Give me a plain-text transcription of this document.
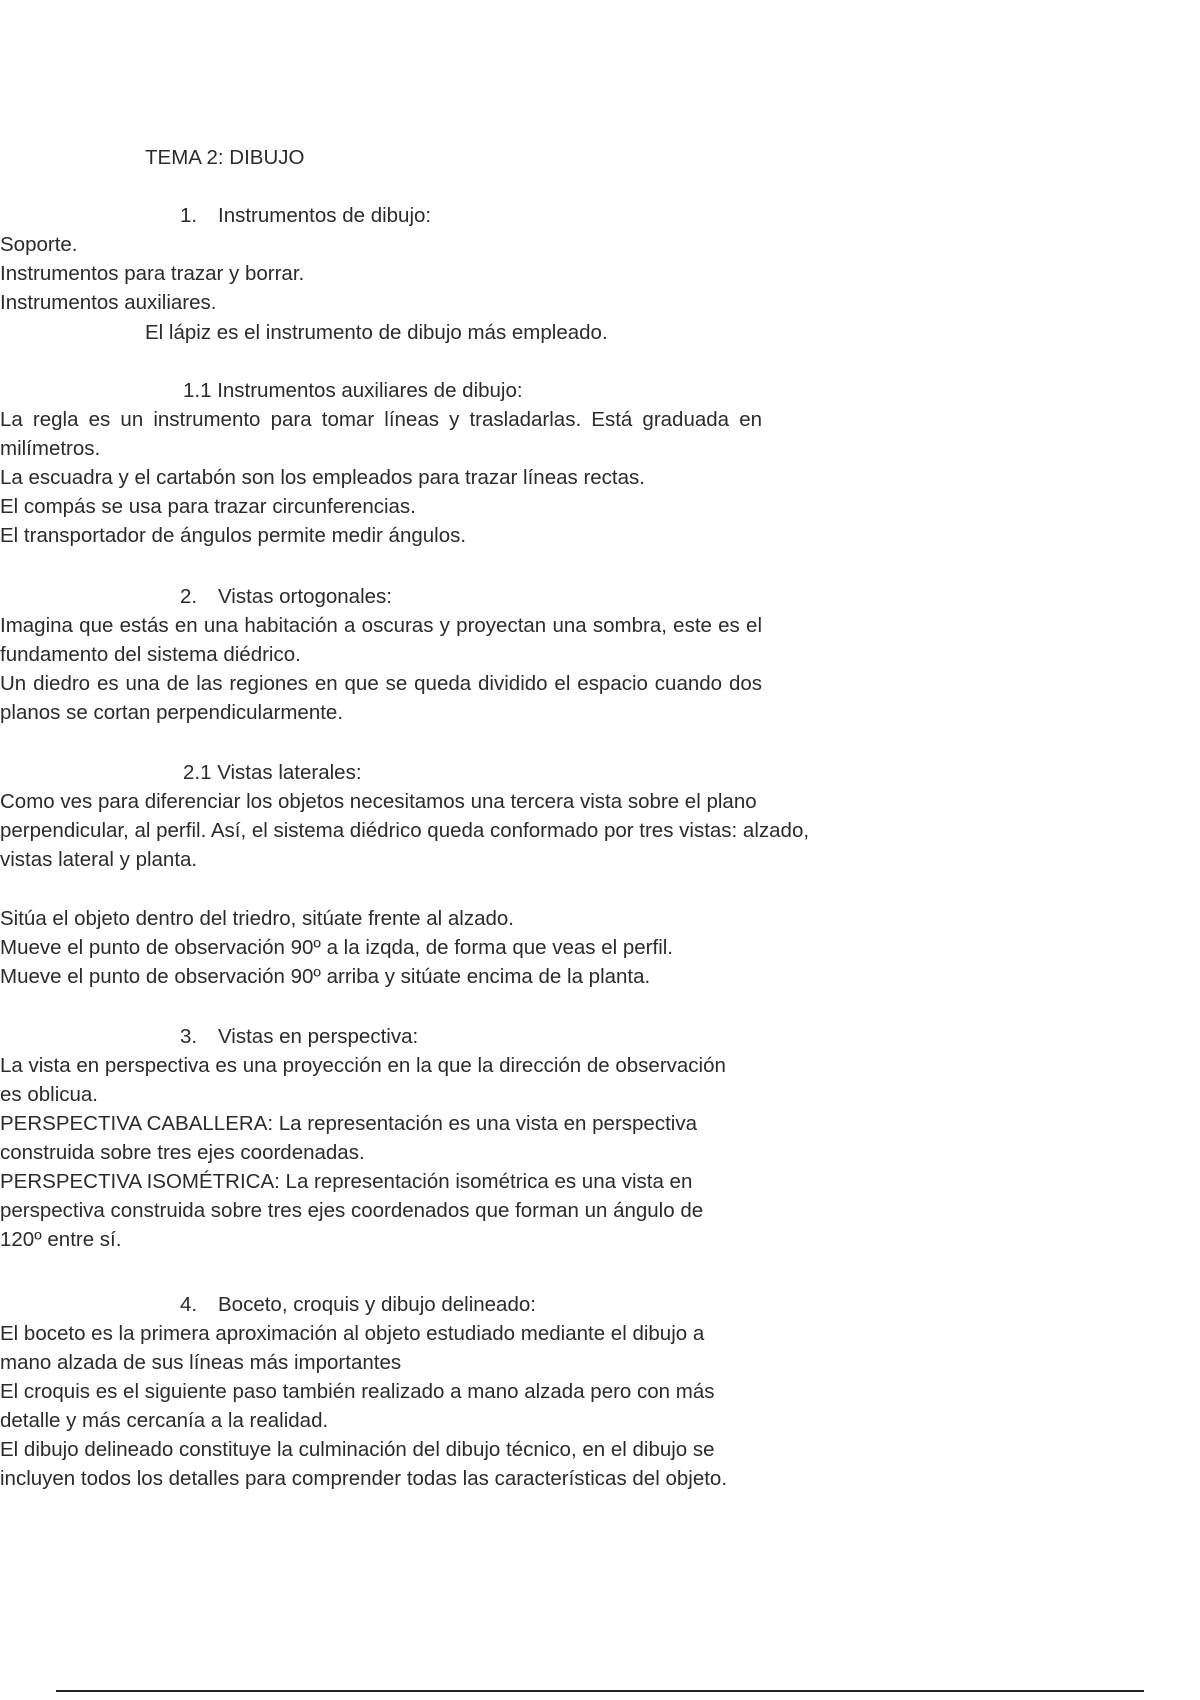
TEMA 2: DIBUJO
1. Instrumentos de dibujo:
Soporte.
Instrumentos para trazar y borrar.
Instrumentos auxiliares.
El lápiz es el instrumento de dibujo más empleado.
1.1 Instrumentos auxiliares de dibujo:
La regla es un instrumento para tomar líneas y trasladarlas. Está graduada en milímetros.
La escuadra y el cartabón son los empleados para trazar líneas rectas.
El compás se usa para trazar circunferencias.
El transportador de ángulos permite medir ángulos.
2. Vistas ortogonales:
Imagina que estás en una habitación a oscuras y proyectan una sombra, este es el fundamento del sistema diédrico.
Un diedro es una de las regiones en que se queda dividido el espacio cuando dos planos se cortan perpendicularmente.
2.1 Vistas laterales:
Como ves para diferenciar los objetos necesitamos una tercera vista sobre el plano perpendicular, al perfil. Así, el sistema diédrico queda conformado por tres vistas: alzado, vistas lateral y planta.
Sitúa el objeto dentro del triedro, sitúate frente al alzado.
Mueve el punto de observación 90º a la izqda, de forma que veas el perfil.
Mueve el punto de observación 90º arriba y sitúate encima de la planta.
3. Vistas en perspectiva:
La vista en perspectiva es una proyección en la que la dirección de observación es oblicua.
PERSPECTIVA CABALLERA: La representación es una vista en perspectiva construida sobre tres ejes coordenadas.
PERSPECTIVA ISOMÉTRICA: La representación isométrica es una vista en perspectiva construida sobre tres ejes coordenados que forman un ángulo de 120º entre sí.
4. Boceto, croquis y dibujo delineado:
El boceto es la primera aproximación al objeto estudiado mediante el dibujo a mano alzada de sus líneas más importantes
El croquis es el siguiente paso también realizado a mano alzada pero con más detalle y más cercanía a la realidad.
El dibujo delineado constituye la culminación del dibujo técnico, en el dibujo se incluyen todos los detalles para comprender todas las características del objeto.
